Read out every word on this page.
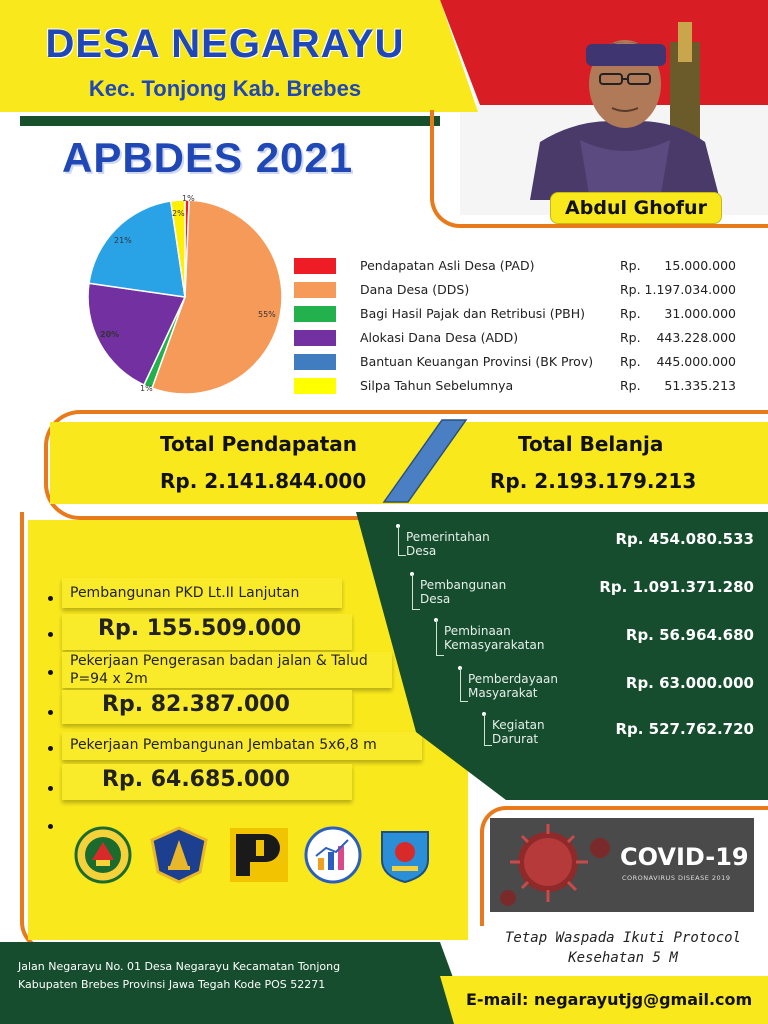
DESA NEGARAYU
Kec. Tonjong Kab. Brebes
APBDES 2021
Abdul Ghofur
1%
2%
21%
20%
1%
55%
Pendapatan Asli Desa (PAD)	Rp. 15.000.000
Dana Desa (DDS)	Rp. 1.197.034.000
Bagi Hasil Pajak dan Retribusi (PBH)	Rp. 31.000.000
Alokasi Dana Desa (ADD)	Rp. 443.228.000
Bantuan Keuangan Provinsi (BK Prov) Rp. 445.000.000
Silpa Tahun Sebelumnya	Rp. 51.335.213
Total Pendapatan
Rp. 2.141.844.000
Total Belanja
Rp. 2.193.179.213
Pembangunan PKD Lt.II Lanjutan
Rp. 155.509.000
Pekerjaan Pengerasan badan jalan & Talud P=94 x 2m
Rp. 82.387.000
Pekerjaan Pembangunan Jembatan 5x6,8 m
Rp. 64.685.000
Pemerintahan
Desa
Rp. 454.080.533
Pembangunan
Desa
Rp. 1.091.371.280
Pembinaan
Kemasyarakatan
Rp. 56.964.680
Pemberdayaan
Masyarakat
Rp. 63.000.000
Kegiatan
Darurat
Rp. 527.762.720
COVID-19
CORONAVIRUS DISEASE 2019
Tetap Waspada Ikuti Protocol
Kesehatan 5 M
Jalan Negarayu No. 01 Desa Negarayu Kecamatan Tonjong
Kabupaten Brebes Provinsi Jawa Tegah Kode POS 52271
E-mail: negarayutjg@gmail.com
